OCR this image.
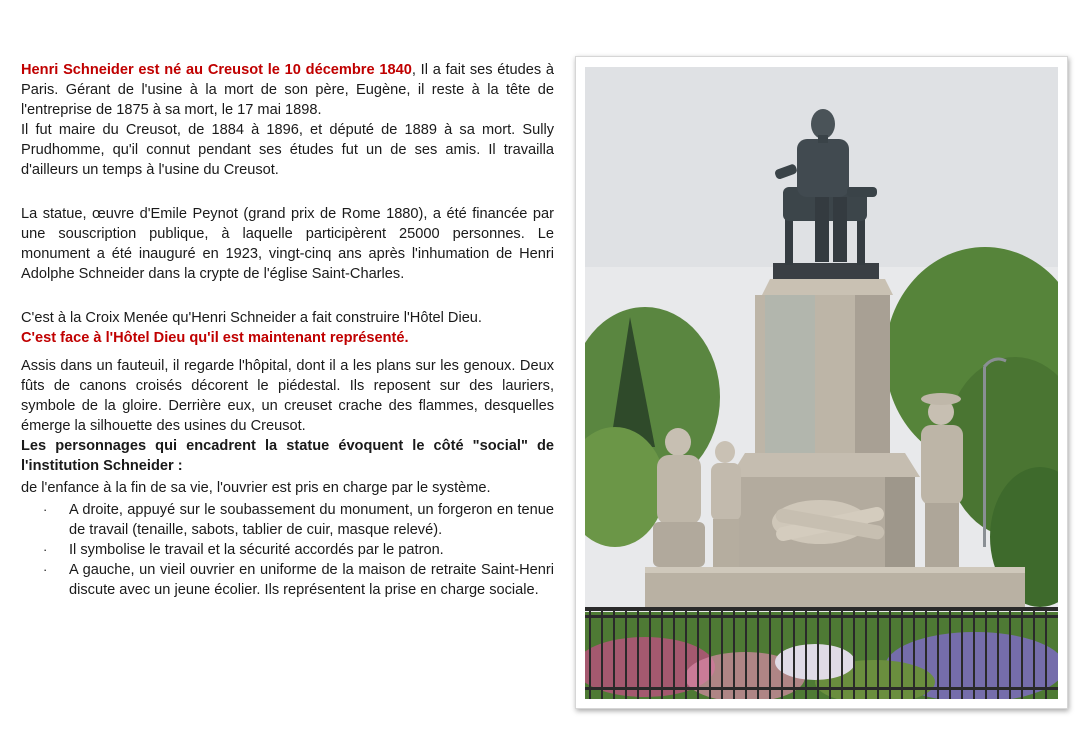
Henri Schneider est né au Creusot le 10 décembre 1840, Il a fait ses études à Paris. Gérant de l'usine à la mort de son père, Eugène, il reste à la tête de l'entreprise de 1875 à sa mort, le 17 mai 1898.

Il fut maire du Creusot, de 1884 à 1896, et député de 1889 à sa mort. Sully Prudhomme, qu'il connut pendant ses études fut un de ses amis. Il travailla d'ailleurs un temps à l'usine du Creusot.

La statue, œuvre d'Emile Peynot (grand prix de Rome 1880), a été financée par une souscription publique, à laquelle participèrent 25000 personnes. Le monument a été inauguré en 1923, vingt-cinq ans après l'inhumation de Henri Adolphe Schneider dans la crypte de l'église Saint-Charles.

C'est à la Croix Menée qu'Henri Schneider a fait construire l'Hôtel Dieu.

C'est face à l'Hôtel Dieu qu'il est maintenant représenté.

Assis dans un fauteuil, il regarde l'hôpital, dont il a les plans sur les genoux. Deux fûts de canons croisés décorent le piédestal. Ils reposent sur des lauriers, symbole de la gloire. Derrière eux, un creuset crache des flammes, desquelles émerge la silhouette des usines du Creusot.

Les personnages qui encadrent la statue évoquent le côté "social" de l'institution Schneider :

de l'enfance à la fin de sa vie, l'ouvrier est pris en charge par le système.

· A droite, appuyé sur le soubassement du monument, un forgeron en tenue de travail (tenaille, sabots, tablier de cuir, masque relevé).
· Il symbolise le travail et la sécurité accordés par le patron.
· A gauche, un vieil ouvrier en uniforme de la maison de retraite Saint-Henri discute avec un jeune écolier. Ils représentent la prise en charge sociale.
